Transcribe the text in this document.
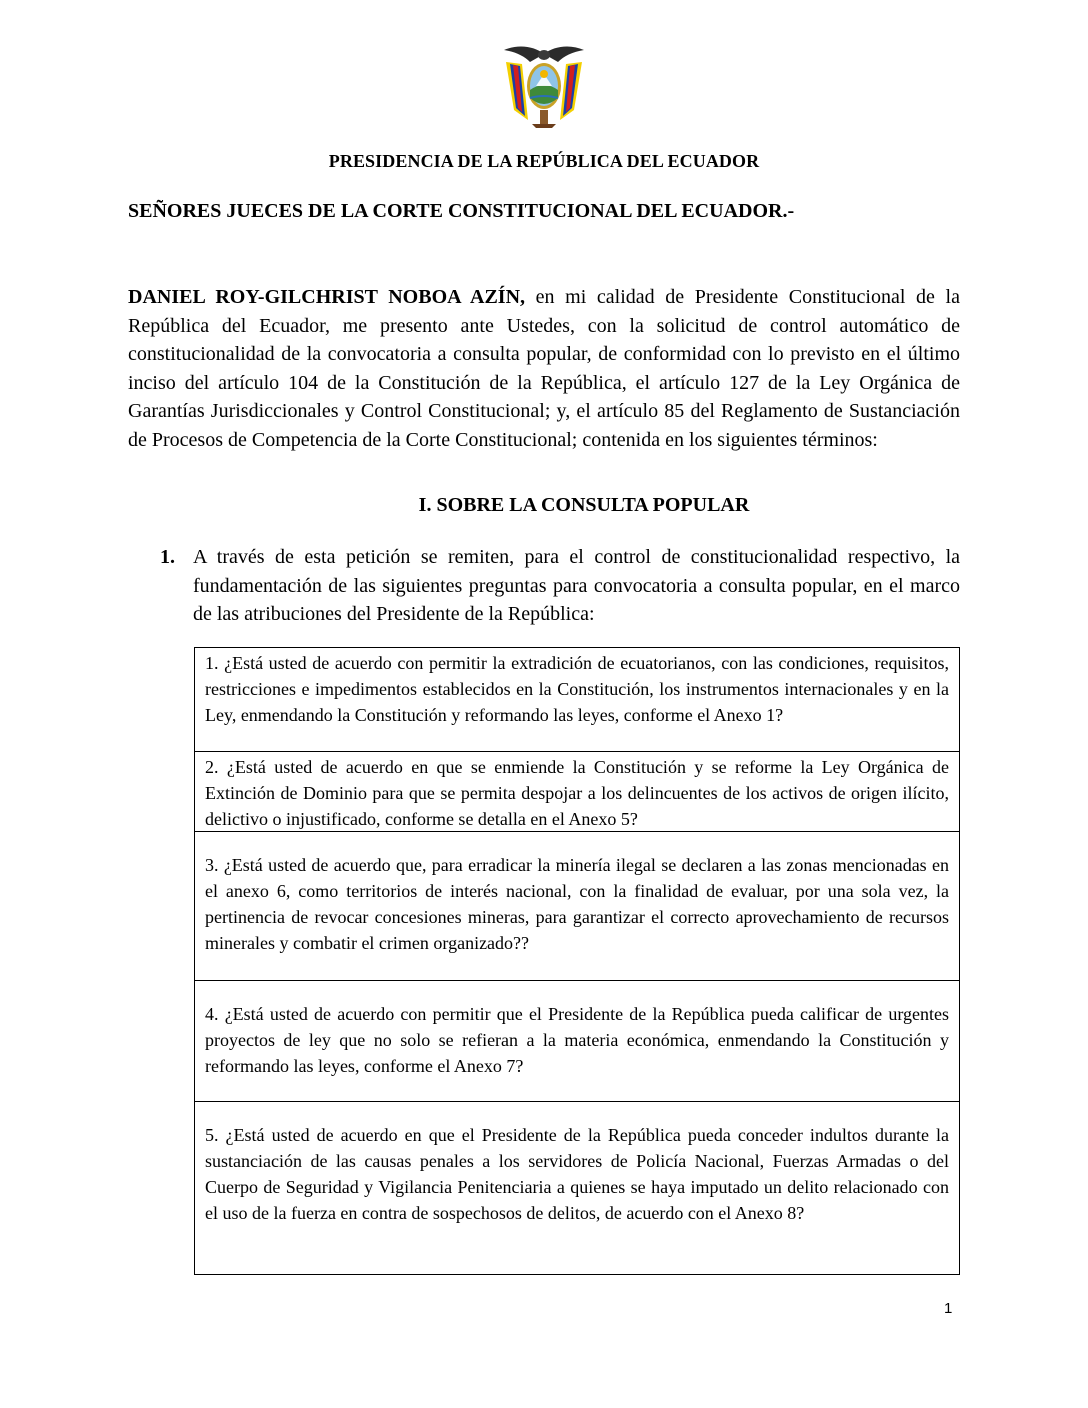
PRESIDENCIA DE LA REPÚBLICA DEL ECUADOR
SEÑORES JUECES DE LA CORTE CONSTITUCIONAL DEL ECUADOR.-
DANIEL ROY-GILCHRIST NOBOA AZÍN, en mi calidad de Presidente Constitucional de la República del Ecuador, me presento ante Ustedes, con la solicitud de control automático de constitucionalidad de la convocatoria a consulta popular, de conformidad con lo previsto en el último inciso del artículo 104 de la Constitución de la República, el artículo 127 de la Ley Orgánica de Garantías Jurisdiccionales y Control Constitucional; y, el artículo 85 del Reglamento de Sustanciación de Procesos de Competencia de la Corte Constitucional; contenida en los siguientes términos:
I. SOBRE LA CONSULTA POPULAR
1. A través de esta petición se remiten, para el control de constitucionalidad respectivo, la fundamentación de las siguientes preguntas para convocatoria a consulta popular, en el marco de las atribuciones del Presidente de la República:
1. ¿Está usted de acuerdo con permitir la extradición de ecuatorianos, con las condiciones, requisitos, restricciones e impedimentos establecidos en la Constitución, los instrumentos internacionales y en la Ley, enmendando la Constitución y reformando las leyes, conforme el Anexo 1?
2. ¿Está usted de acuerdo en que se enmiende la Constitución y se reforme la Ley Orgánica de Extinción de Dominio para que se permita despojar a los delincuentes de los activos de origen ilícito, delictivo o injustificado, conforme se detalla en el Anexo 5?
3. ¿Está usted de acuerdo que, para erradicar la minería ilegal se declaren a las zonas mencionadas en el anexo 6, como territorios de interés nacional, con la finalidad de evaluar, por una sola vez, la pertinencia de revocar concesiones mineras, para garantizar el correcto aprovechamiento de recursos minerales y combatir el crimen organizado??
4. ¿Está usted de acuerdo con permitir que el Presidente de la República pueda calificar de urgentes proyectos de ley que no solo se refieran a la materia económica, enmendando la Constitución y reformando las leyes, conforme el Anexo 7?
5. ¿Está usted de acuerdo en que el Presidente de la República pueda conceder indultos durante la sustanciación de las causas penales a los servidores de Policía Nacional, Fuerzas Armadas o del Cuerpo de Seguridad y Vigilancia Penitenciaria a quienes se haya imputado un delito relacionado con el uso de la fuerza en contra de sospechosos de delitos, de acuerdo con el Anexo 8?
1
